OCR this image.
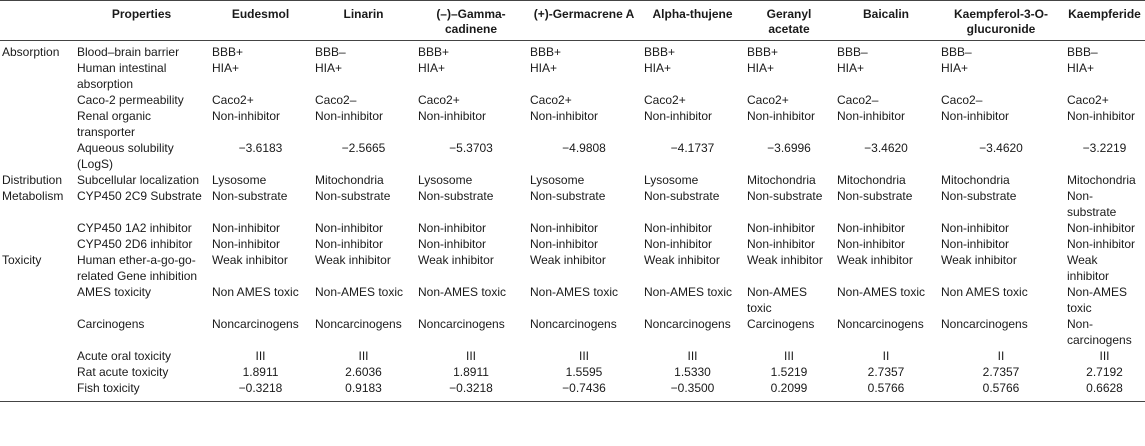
	Properties	Eudesmol	Linarin	(–)–Gamma-cadinene	(+)-Germacrene A	Alpha-thujene	Geranyl acetate	Baicalin	Kaempferol-3-O-glucuronide	Kaempferide
Absorption	Blood–brain barrier	BBB+	BBB–	BBB+	BBB+	BBB+	BBB+	BBB–	BBB–	BBB–
	Human intestinal absorption	HIA+	HIA+	HIA+	HIA+	HIA+	HIA+	HIA+	HIA+	HIA+
	Caco-2 permeability	Caco2+	Caco2–	Caco2+	Caco2+	Caco2+	Caco2+	Caco2–	Caco2–	Caco2+
	Renal organic transporter	Non-inhibitor	Non-inhibitor	Non-inhibitor	Non-inhibitor	Non-inhibitor	Non-inhibitor	Non-inhibitor	Non-inhibitor	Non-inhibitor
	Aqueous solubility (LogS)	−3.6183	−2.5665	−5.3703	−4.9808	−4.1737	−3.6996	−3.4620	−3.4620	−3.2219
Distribution	Subcellular localization	Lysosome	Mitochondria	Lysosome	Lysosome	Lysosome	Mitochondria	Mitochondria	Mitochondria	Mitochondria
Metabolism	CYP450 2C9 Substrate	Non-substrate	Non-substrate	Non-substrate	Non-substrate	Non-substrate	Non-substrate	Non-substrate	Non-substrate	Non-substrate
	CYP450 1A2 inhibitor	Non-inhibitor	Non-inhibitor	Non-inhibitor	Non-inhibitor	Non-inhibitor	Non-inhibitor	Non-inhibitor	Non-inhibitor	Non-inhibitor
	CYP450 2D6 inhibitor	Non-inhibitor	Non-inhibitor	Non-inhibitor	Non-inhibitor	Non-inhibitor	Non-inhibitor	Non-inhibitor	Non-inhibitor	Non-inhibitor
Toxicity	Human ether-a-go-go-related Gene inhibition	Weak inhibitor	Weak inhibitor	Weak inhibitor	Weak inhibitor	Weak inhibitor	Weak inhibitor	Weak inhibitor	Weak inhibitor	Weak inhibitor
	AMES toxicity	Non AMES toxic	Non-AMES toxic	Non-AMES toxic	Non-AMES toxic	Non-AMES toxic	Non-AMES toxic	Non-AMES toxic	Non AMES toxic	Non-AMES toxic
	Carcinogens	Noncarcinogens	Noncarcinogens	Noncarcinogens	Noncarcinogens	Noncarcinogens	Carcinogens	Noncarcinogens	Noncarcinogens	Non-carcinogens
	Acute oral toxicity	III	III	III	III	III	III	II	II	III
	Rat acute toxicity	1.8911	2.6036	1.8911	1.5595	1.5330	1.5219	2.7357	2.7357	2.7192
	Fish toxicity	−0.3218	0.9183	−0.3218	−0.7436	−0.3500	0.2099	0.5766	0.5766	0.6628
